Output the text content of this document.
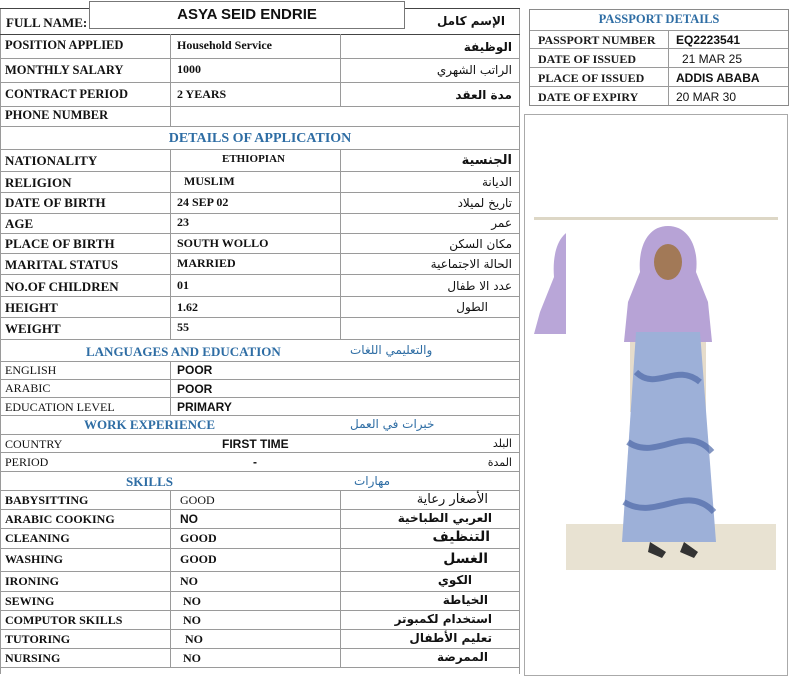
FULL NAME:	ASYA SEID ENDRIE	الإسم كامل
POSITION APPLIED	Household Service	الوظيفة
MONTHLY SALARY	1000	الراتب الشهري
CONTRACT PERIOD	2 YEARS	مدة العقد
PHONE NUMBER
DETAILS OF APPLICATION
NATIONALITY	ETHIOPIAN	الجنسية
RELIGION	MUSLIM	الديانة
DATE OF BIRTH	24 SEP 02	تاريخ لميلاد
AGE	23	عمر
PLACE OF BIRTH	SOUTH WOLLO	مكان السكن
MARITAL STATUS	MARRIED	الحالة الاجتماعية
NO.OF CHILDREN	01	عدد الا طفال
HEIGHT	1.62	الطول
WEIGHT	55
LANGUAGES AND EDUCATION	والتعليمي اللغات
ENGLISH	POOR
ARABIC	POOR
EDUCATION LEVEL	PRIMARY
WORK EXPERIENCE	خبرات في العمل
COUNTRY	FIRST TIME	البلد
PERIOD	-	المدة
SKILLS	مهارات
BABYSITTING	GOOD	الأصغار رعاية
ARABIC COOKING	NO	العربي الطباخية
CLEANING	GOOD	التنظيف
WASHING	GOOD	الغسل
IRONING	NO	الكوي
SEWING	NO	الخياطة
COMPUTOR SKILLS	NO	استخدام لكمبوتر
TUTORING	NO	تعليم الأطفال
NURSING	NO	الممرضة
PASSPORT DETAILS
PASSPORT NUMBER EQ2223541
DATE OF ISSUED	21 MAR 25
PLACE OF ISSUED	ADDIS ABABA
DATE OF EXPIRY	20 MAR 30
